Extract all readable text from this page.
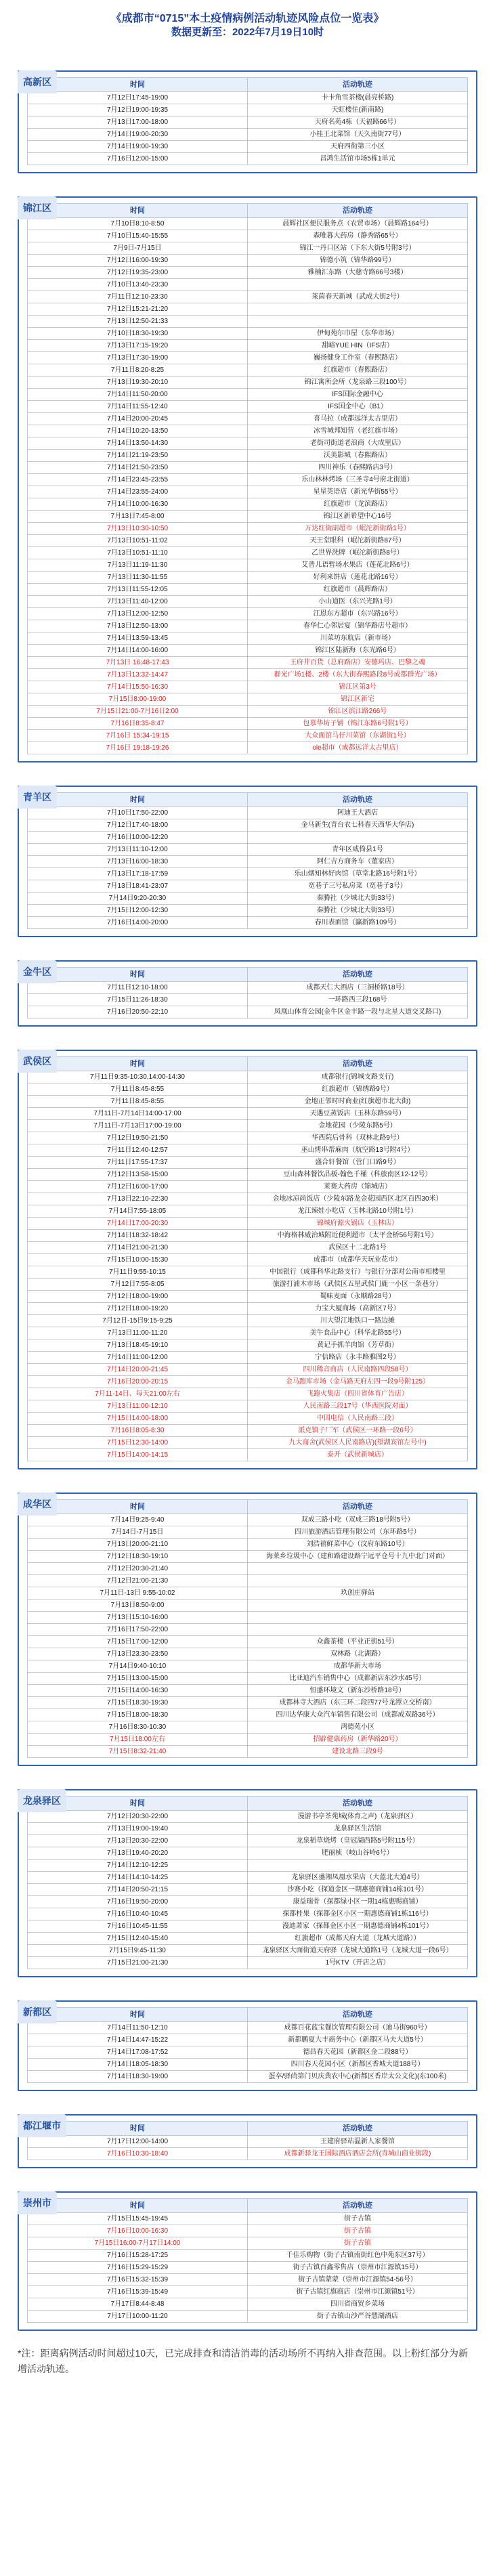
《成都市“0715”本土疫情病例活动轨迹风险点位一览表》
数据更新至：2022年7月19日10时
高新区	时间	活动轨迹
7月12日17:45-19:00	卡卡角雪茶楼(晨亮桥路)
7月12日19:00-19:35	天虹楼住(新南路)
7月13日17:00-18:00	天府名苑4栋（天福路66号）
7月14日19:00-20:30	小桂王北菜馆（天久南街77号）
7月14日19:00-19:30	天府四街第三小区
7月16日12:00-15:00	昌鸿生活馆市场5栋1单元
锦江区	时间	活动轨迹
7月10日8:10-8:50	晨辉社区便民服务点（农贸市场）（晨辉路164号）
7月10日15:40-15:55	森唯暮大药房（静秀路65号）
7月9日-7月15日	锦江一丹口区站（下东大街5号附3号）
7月12日16:00-19:30	锦德小筑（锦华路99号）
7月12日19:35-23:00	雅楠汇东路（大慈寺路66号3楼）
7月10日13:40-23:30	
7月11日12:10-23:30	莱茵春天新城（武成大街2号）
7月12日15:21-21:20	
7月13日12:50-21:33	
7月10日18:30-19:30	伊甸苑尔巾屋（东华市场）
7月13日17:15-19:20	甜峪YUE HIN（IFS店）
7月13日17:30-19:00	巍扬健身工作室（春熙路店）
7月11日8:20-8:25	红旗超市（春熙路店）
7月13日19:30-20:10	锦江寓所会所（龙泉路三段100号）
7月14日11:50-20:00	IFS国际金融中心
7月14日11:55-12:40	IFS国金中心（B1）
7月14日20:00-20:45	喜马拉（成都远洋太古里店）
7月14日10:20-13:50	冰雪城邦知营（老红旗市场）
7月14日13:50-14:30	老街司街道老浪商（大成里店）
7月14日21:19-23:50	沃美影城（春熙路店）
7月14日21:50-23:50	四川神乐（春熙路店3号）
7月14日23:45-23:55	乐山林林烤场（三圣寺4号府北街道）
7月14日23:55-24:00	星星英语店（新光华街55号）
7月14日10:00-16:30	红旗超市（龙滨路店）
7月13日7:45-8:00	锦江区新希望中心16号
7月13日10:30-10:50	万达红街副超市（岷沱新街路1号）
7月13日10:51-11:02	天王堂眼科（岷沱新街路87号）
7月13日10:51-11:10	乙世界洗牌（岷沱新街路8号）
7月13日11:19-11:30	艾普儿语暂场水果店（莲花北路6号）
7月13日11:30-11:55	好利来饼店（莲花北路16号）
7月13日11:55-12:05	红旗超市（晨辉路店）
7月13日11:40-12:00	小山道医（东兴光路1号）
7月13日12:00-12:50	江恩东方超市（东兴路16号）
7月13日12:50-13:00	春华仁心邻居宴（锦华路店号超市）
7月14日13:59-13:45	川菜坊东航店（新市场）
7月14日14:00-16:00	锦江区陆新海（东光路6号）
7月13日 16:48-17:43	王府井百货（总府路店）安德玛店、巴黎之魂
7月13日13:32-14:47	群光广场1楼、2楼（东大街春熙路段8号成都群光广场）
7月14日15:50-16:30	锦江区第3号
7月15日8:00-19:00	锦江区新宅
7月15日21:00-7月16日2:00	锦江区滨江路266号
7月16日8:35-8:47	包慕华坊子铺（锦江东路6号附1号）
7月16日 15:34-19:15	大众面馆马仔川菜馆（东湖街1号）
7月16日 19:18-19:26	ole超市（成都远洋太古里店）
青羊区	时间	活动轨迹
7月10日17:50-22:00	阿迪王大酒店
7月12日17:40-18:00	金马新生(青台农七科春天西华大华店)
7月16日10:00-12:20	
7月13日11:10-12:00	青年区咸倚县1号
7月13日16:00-18:30	阿仁吉方商务车（董家店）
7月13日17:18-17:59	乐山烟知林好肉馆（草堂北路16号附1号）
7月13日18:41-23:07	宽巷子三号私房菜（宽巷子3号）
7月14日9:20-20:30	秦腾社（少城北大街33号）
7月15日12:00-12:30	秦腾社（少城北大街33号）
7月16日14:00-20:00	春川表面馆（瀛新路109号）
金牛区	时间	活动轨迹
7月11日12:10-18:00	成都天仁大酒店（三洞桥路18号）
7月15日11:26-18:30	一环路西三段168号
7月16日20:50-22:10	凤凰山体育公园(金牛区金丰路一段与北星大道交叉路口)
武侯区	时间	活动轨迹
7月11日9:35-10:30,14:00-14:30	成都银行(锦城支路支行)
7月11日8:45-8:55	红旗超市（锦绣路9号）
7月11日8:45-8:55	金地正邻时时商业(红旗超市北大街)
7月11日-7月14日14:00-17:00	天遇豆蒸饭店（玉林东路59号）
7月11日-7月13日17:00-19:00	金地花园（少陵东路5号）
7月12日19:50-21:50	华西院后骨科（双林北路9号）
7月11日12:40-12:57	巫山烤串帮麻肉（航空路13号附4号）
7月11日17:55-17:37	盛合轩餐馆（营门口路9号）
7月12日13:58-15:00	豆山森林餐饮品板-翰色千桶（科旅南区12-12号）
7月12日16:00-17:00	莱赛大药房（锦城店）
7月13日22:10-22:30	金地冰凉尚饭店（少陵东路龙金花园西区北区百四30米）
7月14日7:55-18:05	龙江辣娃小吃店（玉林北路10号附1号）
7月14日17:00-20:30	锦城府源火锅店（玉林店）
7月14日18:32-18:42	中海格林威治城附近便利超市（太平金桥56号附1号）
7月14日21:00-21:30	武侯区十二北路1号
7月15日10:00-15:30	成都市（成都华天玩业花市）
7月11日9:55-10:15	中国银行（成都科华北路支行）与银行分部对公南市相楼里
7月12日7:55-8:05	旅游打浦木市场（武侯区五星武侯门鹿一小区一条巷分）
7月12日18:00-19:00	蜀味麦面（永顺路28号）
7月12日18:00-19:20	力宝大厦商场（高新区7号）
7月12日-15日9:15-9:25	川大望江地铁口一路边摊
7月13日11:00-11:20	美牛食品中心（科华北路55号）
7月13日18:45-19:10	黄记手抓羊肉馆（芳草街）
7月14日11:00-12:00	宁信路店（永丰路雅图2号）
7月14日20:00-21:45	四川稀音商店（人民南路四段58号）
7月16日20:00-20:15	金马跑库市场（金马路天府左四一段9号附125）
7月11-14日、每天21:00左右	飞跑火集店（四川省体育广告店）
7月13日11:00-12:10	人民南路三段17号（华西医院对面）
7月15日14:00-18:00	中国电信（人民南路三段）
7月16日8:05-8:30	派克镇子厂军（武侯区一环路一段6号）
7月15日12:30-14:00	九大商舍(武侯区人民南路店)(望湖宾馆左号中)
7月15日14:00-14:15	泰开（武侯新城店）
成华区	时间	活动轨迹
7月14日9:25-9:40	双成三路小吃（双成三路18号附5号）
7月14日-7月15日	四川旅游酒店管理有限公司（东环路5号）
7月13日20:00-21:10	刘浩禧鲜菜中心（汶府东路10号）
7月12日18:30-19:10	海莱乡垃圾中心（建和路建设路宁远平仓号十九中北门对面）
7月12日20:30-21:40	
7月12日21:00-21:30	
7月11日-13日 9:55-10:02	玖创庄驿站
7月13日8:50-9:00	
7月13日15:10-16:00	
7月16日17:50-22:00	
7月15日17:00-12:00	众鑫茶楼（平业正街51号）
7月13日23:30-23:50	双林路（北湖路）
7月14日9:40-10:10	成都华新大市场
7月15日13:00-15:00	比亚迪汽车销售中心（成都新店东沙水45号）
7月15日14:00-16:30	恒盛环境文（新东沙桥路18号）
7月15日18:30-19:30	成都林寺大酒店（东三环二段四77号龙潭立交桥南）
7月15日18:00-18:30	四川达华康大众汽车销售有限公司（成都成双路36号）
7月16日8:30-10:30	鸿德苑小区
7月15日18:00左右	招辟健康药房（新华路20号）
7月15日8:32-21:40	建设北路三段9号
龙泉驿区	时间	活动轨迹
7月12日20:30-22:00	漫游书亭茶苑城(体育之声)（龙泉驿区）
7月13日19:00-19:40	龙泉驿区生活馆
7月13日20:30-22:00	龙泉稻草烧烤（皇冠湖西路5号附115号）
7月13日19:40-20:20	肥丽桢（岐山谷岭6号）
7月14日12:10-12:25	
7月14日14:10-14:25	龙泉驿区盛湘凤凰水果店（大蓝北大道4号）
7月14日20:50-21:15	沙赛小吃（探道金区一期惠德商铺14栋101号）
7月16日19:50-20:00	康益瑞骨（探都绿小区一期14栋惠赐商铺）
7月16日10:40-10:45	探都桂果（探都金区小区一期惠德商铺1栋116号）
7月16日10:45-11:55	漫迪萧家（探都金区小区一期惠德商铺4栋101号）
7月15日12:40-15:40	红旗超市（成都天府大道（龙城大道路））
7月15日9:45-11:30	龙泉驿区大面街道天府驿（龙城大道路1号（龙城大道一段6号）
7月15日21:00-21:30	1号KTV（开店之店）
新都区	时间	活动轨迹
7月14日11:50-12:10	成都百花蓝宝餐饮管理有限公司（迪马街960号）
7月14日14:47-15:22	新都鹏夏大丰商务中心（新都区马夫大道5号）
7月14日17:08-17:52	德昌春天花园（新都区金二段88号）
7月14日18:05-18:30	四川春天花园小区（新都区香城大道188号）
7月14日18:30-19:00	蛋卒/驿尚第门贝庆黄农中心(新都区香岸太公文化)(东100米)
都江堰市	时间	活动轨迹
7月17日12:00-14:00	王建府驿站温新人家餐馆
7月16日10:30-18:40	成都新驿龙王国际酒店酒店会所(青城山商业街段)
崇州市	时间	活动轨迹
7月15日15:45-19:45	街子古镇
7月16日10:00-16:30	街子古镇
7月15日16:00-7月17日14:00	街子古镇
7月16日15:28-17:25	千佳乐购物（街子古镇南街红色中苑东区37号）
7月16日15:29-15:29	街子古镇百鑫零售店（崇州市江源镇15号）
7月16日15:32-15:39	街子古镇蒙蒙（崇州市江源镇54-56号）
7月16日15:39-15:49	街子古镇红旗商店（崇州市江源镇51号）
7月17日8:44-8:48	四川省商贸乡菜场
7月17日10:00-11:20	街子古镇山沙严谷慧湖酒店
*注：距离病例活动时间超过10天，已完成排查和清洁消毒的活动场所不再纳入排查范围。以上粉红部分为新增活动轨迹。
